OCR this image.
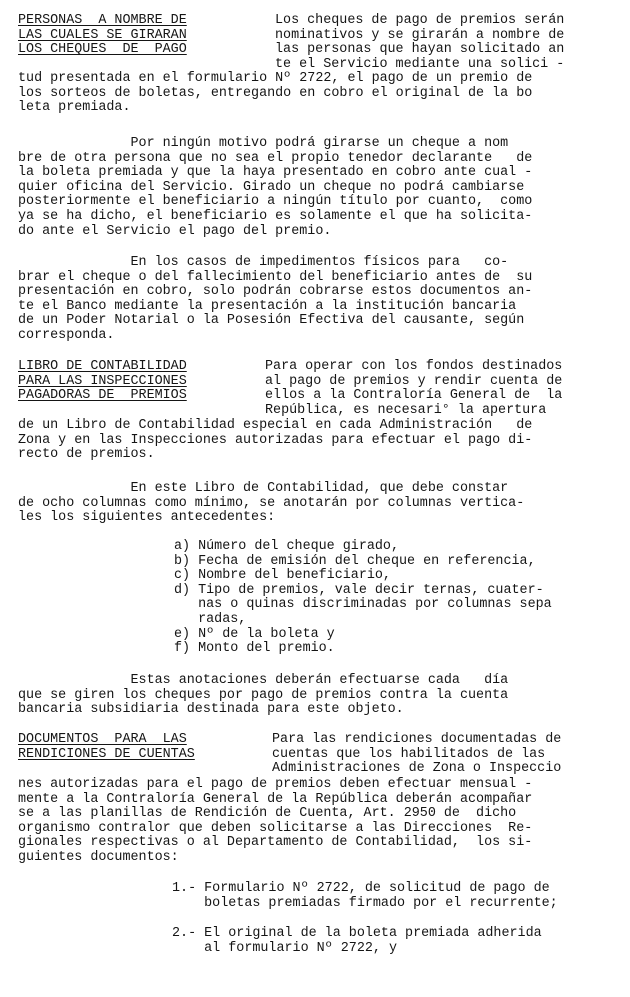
PERSONAS  A NOMBRE DE
LAS CUALES SE GIRARAN
LOS CHEQUES  DE  PAGO
Los cheques de pago de premios serán
nominativos y se girarán a nombre de
las personas que hayan solicitado an
te el Servicio mediante una solici -
tud presentada en el formulario Nº 2722, el pago de un premio de
los sorteos de boletas, entregando en cobro el original de la bo
leta premiada.
Por ningún motivo podrá girarse un cheque a nom
bre de otra persona que no sea el propio tenedor declarante   de
la boleta premiada y que la haya presentado en cobro ante cual -
quier oficina del Servicio. Girado un cheque no podrá cambiarse
posteriormente el beneficiario a ningún título por cuanto,  como
ya se ha dicho, el beneficiario es solamente el que ha solicita-
do ante el Servicio el pago del premio.
En los casos de impedimentos físicos para   co-
brar el cheque o del fallecimiento del beneficiario antes de  su
presentación en cobro, solo podrán cobrarse estos documentos an-
te el Banco mediante la presentación a la institución bancaria
de un Poder Notarial o la Posesión Efectiva del causante, según
corresponda.
LIBRO DE CONTABILIDAD
PARA LAS INSPECCIONES
PAGADORAS DE  PREMIOS
Para operar con los fondos destinados
al pago de premios y rendir cuenta de
ellos a la Contraloría General de  la
República, es necesari° la apertura
de un Libro de Contabilidad especial en cada Administración   de
Zona y en las Inspecciones autorizadas para efectuar el pago di-
recto de premios.
En este Libro de Contabilidad, que debe constar
de ocho columnas como mínimo, se anotarán por columnas vertica-
les los siguientes antecedentes:
a) Número del cheque girado,
b) Fecha de emisión del cheque en referencia,
c) Nombre del beneficiario,
d) Tipo de premios, vale decir ternas, cuater-
nas o quinas discriminadas por columnas sepa
radas,
e) Nº de la boleta y
f) Monto del premio.
Estas anotaciones deberán efectuarse cada   día
que se giren los cheques por pago de premios contra la cuenta
bancaria subsidiaria destinada para este objeto.
DOCUMENTOS  PARA  LAS
RENDICIONES DE CUENTAS
Para las rendiciones documentadas de
cuentas que los habilitados de las
Administraciones de Zona o Inspeccio
nes autorizadas para el pago de premios deben efectuar mensual -
mente a la Contraloría General de la República deberán acompañar
se a las planillas de Rendición de Cuenta, Art. 2950 de  dicho
organismo contralor que deben solicitarse a las Direcciones  Re-
gionales respectivas o al Departamento de Contabilidad,  los si-
guientes documentos:
1.- Formulario Nº 2722, de solicitud de pago de
boletas premiadas firmado por el recurrente;
2.- El original de la boleta premiada adherida
al formulario Nº 2722, y
